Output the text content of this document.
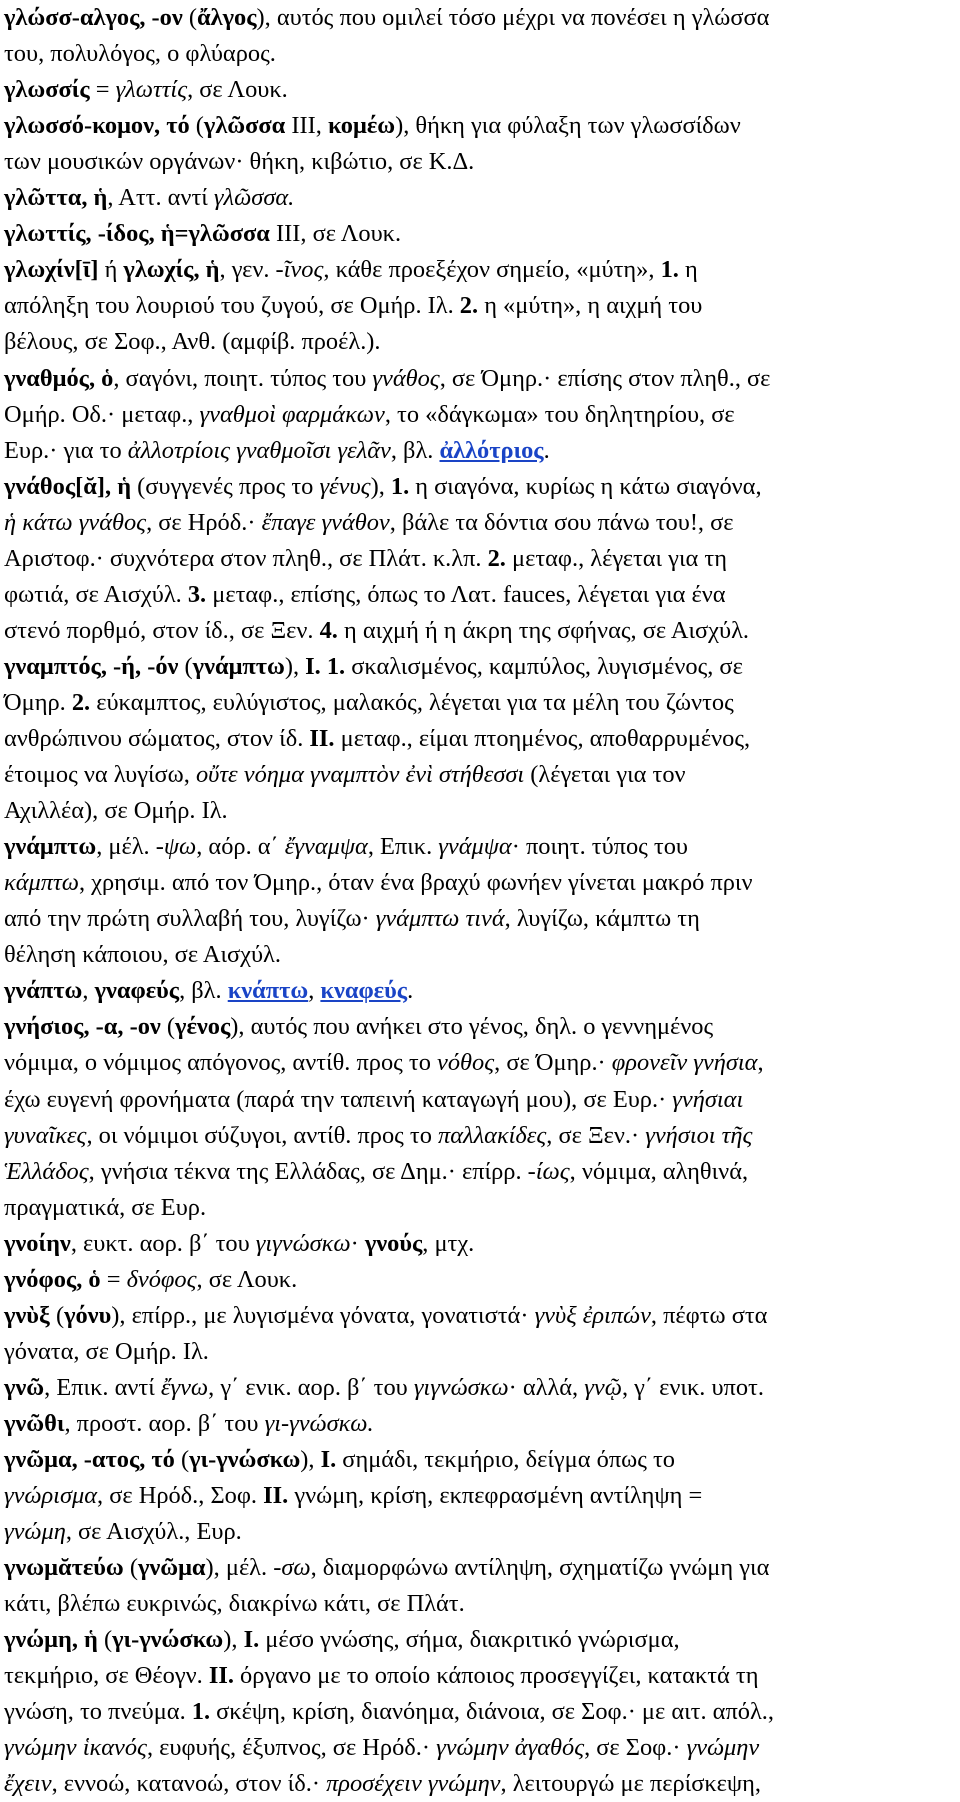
γλώσσ-αλγος, -ον (ἄλγος), αυτός που ομιλεί τόσο μέχρι να πονέσει η γλώσσα
του, πολυλόγος, ο φλύαρος.
γλωσσίς = γλωττίς, σε Λουκ.
γλωσσό-κομον, τό (γλῶσσα III, κομέω), θήκη για φύλαξη των γλωσσίδων
των μουσικών οργάνων· θήκη, κιβώτιο, σε Κ.Δ.
γλῶττα, ἡ, Αττ. αντί γλῶσσα.
γλωττίς, -ίδος, ἡ=γλῶσσα III, σε Λουκ.
γλωχίν[ῑ] ή γλωχίς, ἡ, γεν. -ῖνος, κάθε προεξέχον σημείο, «μύτη», 1. η
απόληξη του λουριού του ζυγού, σε Ομήρ. Ιλ. 2. η «μύτη», η αιχμή του
βέλους, σε Σοφ., Ανθ. (αμφίβ. προέλ.).
γναθμός, ὁ, σαγόνι, ποιητ. τύπος του γνάθος, σε Όμηρ.· επίσης στον πληθ., σε
Ομήρ. Οδ.· μεταφ., γναθμοὶ φαρμάκων, το «δάγκωμα» του δηλητηρίου, σε
Ευρ.· για το ἀλλοτρίοις γναθμοῖσι γελᾶν, βλ. ἀλλότριος.
γνάθος[ᾰ], ἡ (συγγενές προς το γένυς), 1. η σιαγόνα, κυρίως η κάτω σιαγόνα,
ἡ κάτω γνάθος, σε Ηρόδ.· ἔπαγε γνάθον, βάλε τα δόντια σου πάνω του!, σε
Αριστοφ.· συχνότερα στον πληθ., σε Πλάτ. κ.λπ. 2. μεταφ., λέγεται για τη
φωτιά, σε Αισχύλ. 3. μεταφ., επίσης, όπως το Λατ. fauces, λέγεται για ένα
στενό πορθμό, στον ίδ., σε Ξεν. 4. η αιχμή ή η άκρη της σφήνας, σε Αισχύλ.
γναμπτός, -ή, -όν (γνάμπτω), I. 1. σκαλισμένος, καμπύλος, λυγισμένος, σε
Όμηρ. 2. εύκαμπτος, ευλύγιστος, μαλακός, λέγεται για τα μέλη του ζώντος
ανθρώπινου σώματος, στον ίδ. II. μεταφ., είμαι πτοημένος, αποθαρρυμένος,
έτοιμος να λυγίσω, οὔτε νόημα γναμπτὸν ἐνὶ στήθεσσι (λέγεται για τον
Αχιλλέα), σε Ομήρ. Ιλ.
γνάμπτω, μέλ. -ψω, αόρ. α΄ ἔγναμψα, Επικ. γνάμψα· ποιητ. τύπος του
κάμπτω, χρησιμ. από τον Όμηρ., όταν ένα βραχύ φωνήεν γίνεται μακρό πριν
από την πρώτη συλλαβή του, λυγίζω· γνάμπτω τινά, λυγίζω, κάμπτω τη
θέληση κάποιου, σε Αισχύλ.
γνάπτω, γναφεύς, βλ. κνάπτω, κναφεύς.
γνήσιος, -α, -ον (γένος), αυτός που ανήκει στο γένος, δηλ. ο γεννημένος
νόμιμα, ο νόμιμος απόγονος, αντίθ. προς το νόθος, σε Όμηρ.· φρονεῖν γνήσια,
έχω ευγενή φρονήματα (παρά την ταπεινή καταγωγή μου), σε Ευρ.· γνήσιαι
γυναῖκες, οι νόμιμοι σύζυγοι, αντίθ. προς το παλλακίδες, σε Ξεν.· γνήσιοι τῆς
Ἑλλάδος, γνήσια τέκνα της Ελλάδας, σε Δημ.· επίρρ. -ίως, νόμιμα, αληθινά,
πραγματικά, σε Ευρ.
γνοίην, ευκτ. αορ. β΄ του γιγνώσκω· γνούς, μτχ.
γνόφος, ὁ = δνόφος, σε Λουκ.
γνὺξ (γόνυ), επίρρ., με λυγισμένα γόνατα, γονατιστά· γνὺξ ἐριπών, πέφτω στα
γόνατα, σε Ομήρ. Ιλ.
γνῶ, Επικ. αντί ἔγνω, γ΄ ενικ. αορ. β΄ του γιγνώσκω· αλλά, γνῷ, γ΄ ενικ. υποτ.
γνῶθι, προστ. αορ. β΄ του γι-γνώσκω.
γνῶμα, -ατος, τό (γι-γνώσκω), I. σημάδι, τεκμήριο, δείγμα όπως το
γνώρισμα, σε Ηρόδ., Σοφ. II. γνώμη, κρίση, εκπεφρασμένη αντίληψη =
γνώμη, σε Αισχύλ., Ευρ.
γνωμᾰτεύω (γνῶμα), μέλ. -σω, διαμορφώνω αντίληψη, σχηματίζω γνώμη για
κάτι, βλέπω ευκρινώς, διακρίνω κάτι, σε Πλάτ.
γνώμη, ἡ (γι-γνώσκω), I. μέσο γνώσης, σήμα, διακριτικό γνώρισμα,
τεκμήριο, σε Θέογν. II. όργανο με το οποίο κάποιος προσεγγίζει, κατακτά τη
γνώση, το πνεύμα. 1. σκέψη, κρίση, διανόημα, διάνοια, σε Σοφ.· με αιτ. απόλ.,
γνώμην ἱκανός, ευφυής, έξυπνος, σε Ηρόδ.· γνώμην ἀγαθός, σε Σοφ.· γνώμην
ἔχειν, εννοώ, κατανοώ, στον ίδ.· προσέχειν γνώμην, λειτουργώ με περίσκεψη,
